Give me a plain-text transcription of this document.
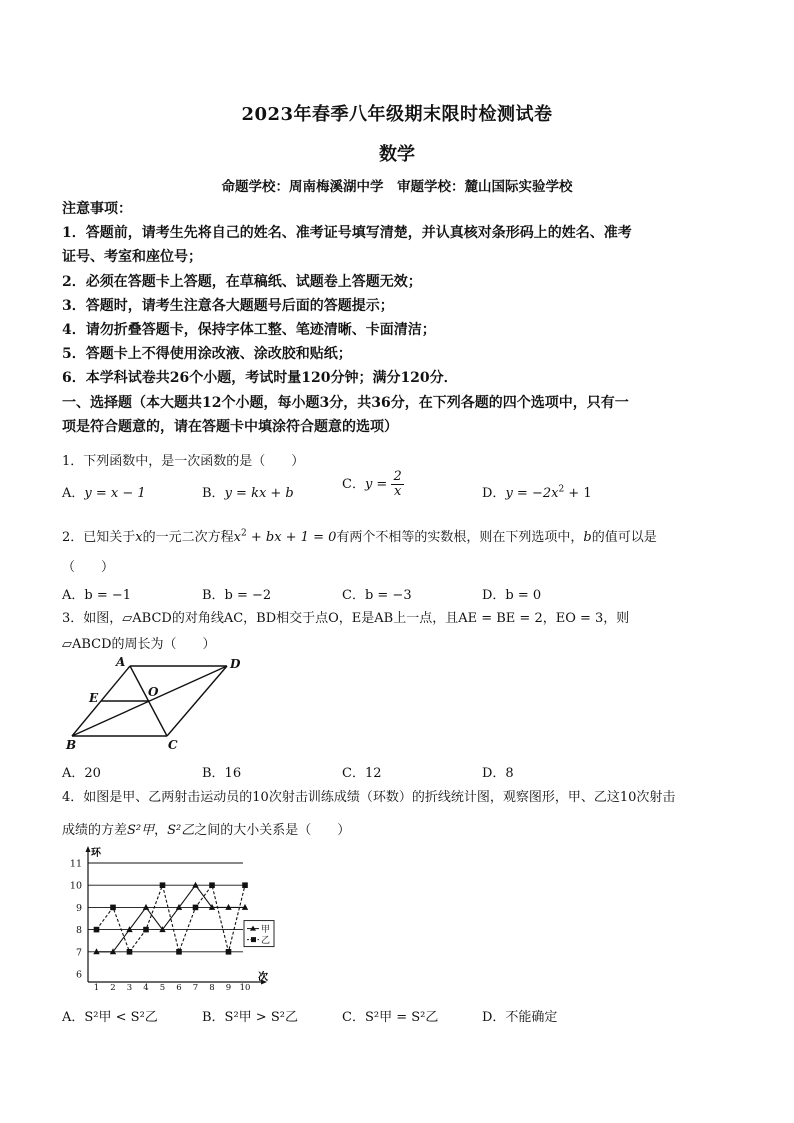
2023年春季八年级期末限时检测试卷
数学
命题学校：周南梅溪湖中学　审题学校：麓山国际实验学校
注意事项：
1．答题前，请考生先将自己的姓名、准考证号填写清楚，并认真核对条形码上的姓名、准考
证号、考室和座位号；
2．必须在答题卡上答题，在草稿纸、试题卷上答题无效；
3．答题时，请考生注意各大题题号后面的答题提示；
4．请勿折叠答题卡，保持字体工整、笔迹清晰、卡面清洁；
5．答题卡上不得使用涂改液、涂改胶和贴纸；
6．本学科试卷共26个小题，考试时量120分钟；满分120分．
一、选择题（本大题共12个小题，每小题3分，共36分，在下列各题的四个选项中，只有一
项是符合题意的，请在答题卡中填涂符合题意的选项）
1．下列函数中，是一次函数的是（　　）
A．y = x − 1	B．y = kx + b
C．$y = \frac{2}{x}$	D．$y = -2x^2 + 1$
2．已知关于x的一元二次方程$x^2$ + bx + 1 = 0有两个不相等的实数根，则在下列选项中，b的值可以是
（　　）
A．b = −1	B．b = −2	C．b = −3	D．b = 0
3．如图，▱ABCD的对角线AC，BD相交于点O，E是AB上一点，且AE = BE = 2，EO = 3，则
▱ABCD的周长为（　　）
A	D
B	C
E	O
A．20	B．16	C．12	D．8
4．如图是甲、乙两射击运动员的10次射击训练成绩（环数）的折线统计图，观察图形，甲、乙这10次射击
成绩的方差S²甲，S²乙之间的大小关系是（　　）
环
次
6
7
8
9
10
11
1 2 3 4 5 6 7 8 9 10
甲
乙
A．S²甲 < S²乙	B．S²甲 > S²乙	C．S²甲 = S²乙	D．不能确定
